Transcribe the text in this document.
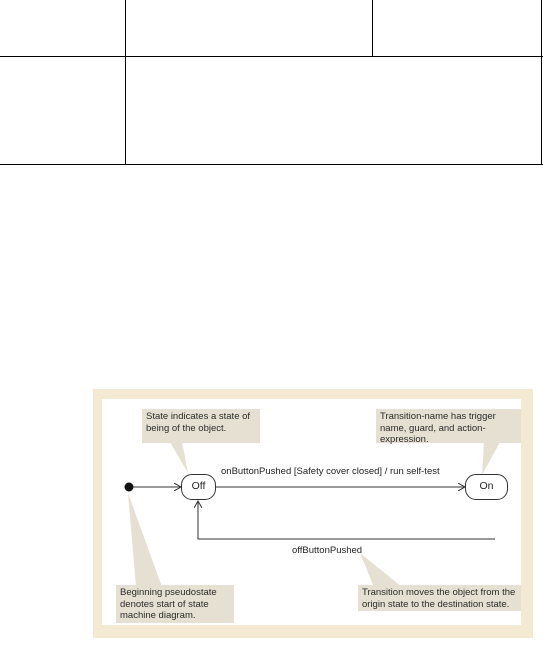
State indicates a state of being of the object.
Transition-name has trigger name, guard, and action-expression.
Beginning pseudostate denotes start of state machine diagram.
Transition moves the object from the origin state to the destination state.
Off	On
onButtonPushed [Safety cover closed] / run self-test
offButtonPushed
